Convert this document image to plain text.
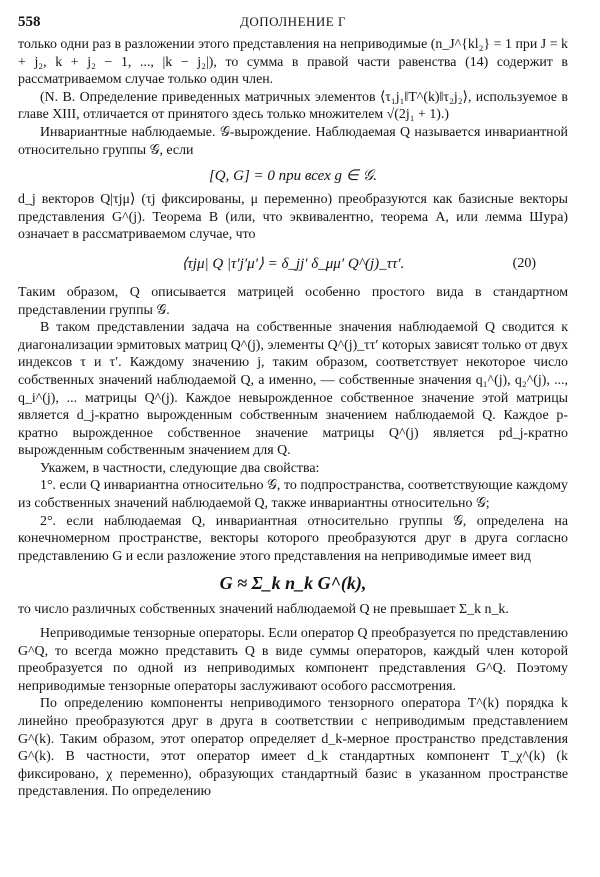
558	ДОПОЛНЕНИЕ Г

только одни раз в разложении этого представления на неприводимые (n_J^{kl₂} = 1 при J = k + j₂, k + j₂ − 1, ..., |k − j₂|), то сумма в правой части равенства (14) содержит в рассматриваемом случае только один член.

(N. B. Определение приведенных матричных элементов ⟨τ₁j₁‖T^(k)‖τ₂j₂⟩, используемое в главе XIII, отличается от принятого здесь только множителем √(2j₁ + 1).)

Инвариантные наблюдаемые. 𝒢-вырождение. Наблюдаемая Q называется инвариантной относительно группы 𝒢, если

[Q, G] = 0 при всех g ∈ 𝒢.

d_j векторов Q|τjμ⟩ (τj фиксированы, μ переменно) преобразуются как базисные векторы представления G^(j). Теорема B (или, что эквивалентно, теорема A, или лемма Шура) означает в рассматриваемом случае, что

⟨τjμ| Q |τ′j′μ′⟩ = δ_jj′ δ_μμ′ Q^(j)_ττ′.	(20)

Таким образом, Q описывается матрицей особенно простого вида в стандартном представлении группы 𝒢.

В таком представлении задача на собственные значения наблюдаемой Q сводится к диагонализации эрмитовых матриц Q^(j), элементы Q^(j)_ττ′ которых зависят только от двух индексов τ и τ′. Каждому значению j, таким образом, соответствует некоторое число собственных значений наблюдаемой Q, а именно, — собственные значения q₁^(j), q₂^(j), ..., q_i^(j), ... матрицы Q^(j). Каждое невырожденное собственное значение этой матрицы является d_j-кратно вырожденным собственным значением наблюдаемой Q. Каждое p-кратно вырожденное собственное значение матрицы Q^(j) является pd_j-кратно вырожденным собственным значением для Q.

Укажем, в частности, следующие два свойства:

1°. если Q инвариантна относительно 𝒢, то подпространства, соответствующие каждому из собственных значений наблюдаемой Q, также инвариантны относительно 𝒢;

2°. если наблюдаемая Q, инвариантная относительно группы 𝒢, определена на конечномерном пространстве, векторы которого преобразуются друг в друга согласно представлению G и если разложение этого представления на неприводимые имеет вид

G ≈ Σ_k n_k G^(k),

то число различных собственных значений наблюдаемой Q не превышает Σ_k n_k.

Неприводимые тензорные операторы. Если оператор Q преобразуется по представлению G^Q, то всегда можно представить Q в виде суммы операторов, каждый член которой преобразуется по одной из неприводимых компонент представления G^Q. Поэтому неприводимые тензорные операторы заслуживают особого рассмотрения.

По определению компоненты неприводимого тензорного оператора T^(k) порядка k линейно преобразуются друг в друга в соответствии с неприводимым представлением G^(k). Таким образом, этот оператор определяет d_k-мерное пространство представления G^(k). В частности, этот оператор имеет d_k стандартных компонент T_χ^(k) (k фиксировано, χ переменно), образующих стандартный базис в указанном пространстве представления. По определению
